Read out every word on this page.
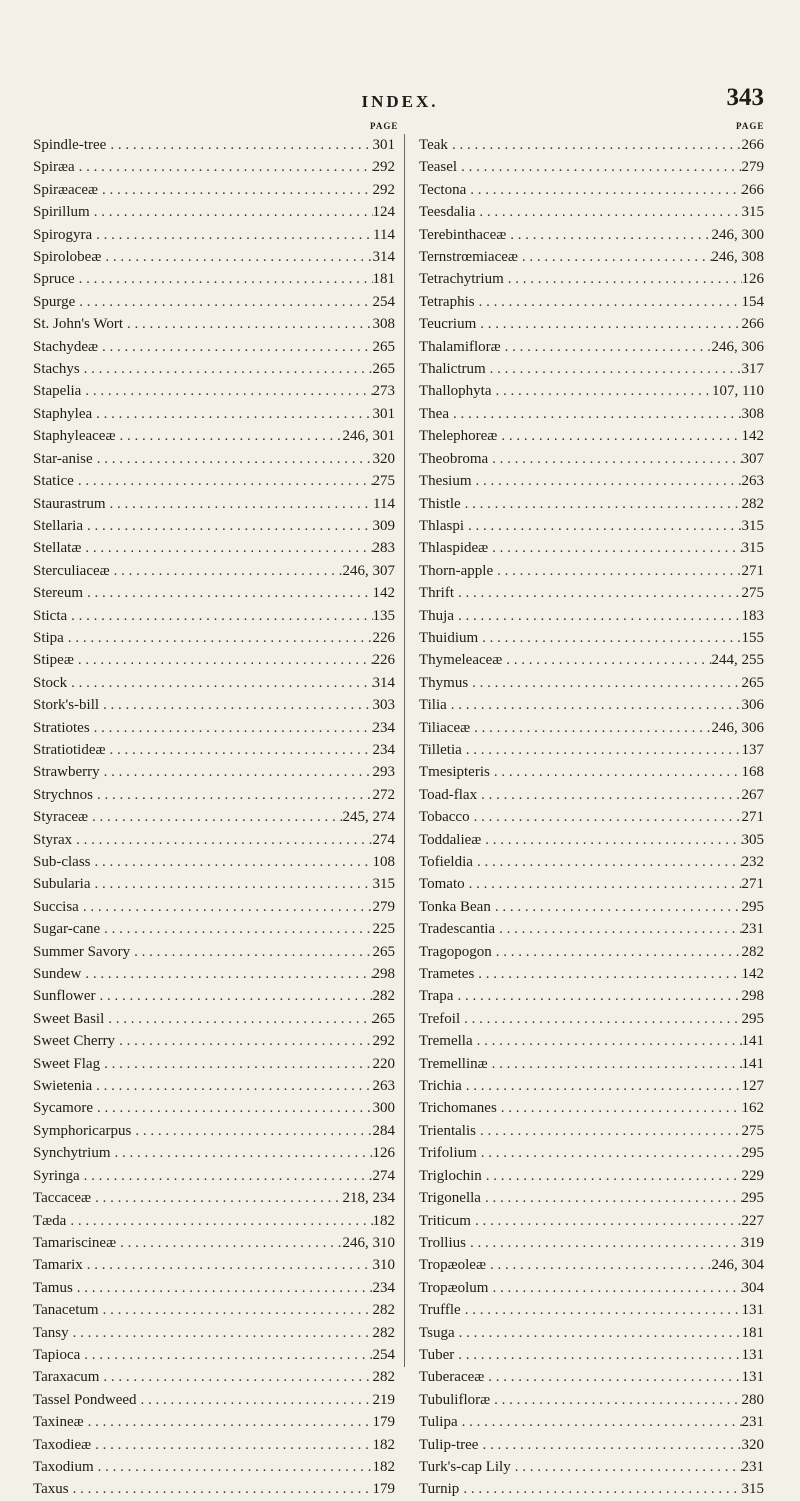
INDEX.	343
PAGE	PAGE
Spindle-tree . . .	301
Spiræa . . .	292
Spiræaceæ . . .	292
Spirillum . . .	124
Spirogyra . . .	114
Spirolobeæ . . .	314
Spruce . . .	181
Spurge . . .	254
St. John's Wort . . .	308
Stachydeæ . . .	265
Stachys . . .	265
Stapelia . . .	273
Staphylea . . .	301
Staphyleaceæ . . .	246, 301
Star-anise . . .	320
Statice . . .	275
Staurastrum . . .	114
Stellaria . . .	309
Stellatæ . . .	283
Sterculiaceæ . . .	246, 307
Stereum . . .	142
Sticta . . .	135
Stipa . . .	226
Stipeæ . . .	226
Stock . . .	314
Stork's-bill . . .	303
Stratiotes . . .	234
Stratiotideæ . . .	234
Strawberry . . .	293
Strychnos . . .	272
Styraceæ . . .	245, 274
Styrax . . .	274
Sub-class . . .	108
Subularia . . .	315
Succisa . . .	279
Sugar-cane . . .	225
Summer Savory . . .	265
Sundew . . .	298
Sunflower . . .	282
Sweet Basil . . .	265
Sweet Cherry . . .	292
Sweet Flag . . .	220
Swietenia . . .	263
Sycamore . . .	300
Symphoricarpus . . .	284
Synchytrium . . .	126
Syringa . . .	274
Taccaceæ . . .	218, 234
Tæda . . .	182
Tamariscineæ . . .	246, 310
Tamarix . . .	310
Tamus . . .	234
Tanacetum . . .	282
Tansy . . .	282
Tapioca . . .	254
Taraxacum . . .	282
Tassel Pondweed . . .	219
Taxineæ . . .	179
Taxodieæ . . .	182
Taxodium . . .	182
Taxus . . .	179
Teak . . .	266
Teasel . . .	279
Tectona . . .	266
Teesdalia . . .	315
Terebinthaceæ . . .	246, 300
Ternstrœmiaceæ . . .	246, 308
Tetrachytrium . . .	126
Tetraphis . . .	154
Teucrium . . .	266
Thalamifloræ . . .	246, 306
Thalictrum . . .	317
Thallophyta . . .	107, 110
Thea . . .	308
Thelephoreæ . . .	142
Theobroma . . .	307
Thesium . . .	263
Thistle . . .	282
Thlaspi . . .	315
Thlaspideæ . . .	315
Thorn-apple . . .	271
Thrift . . .	275
Thuja . . .	183
Thuidium . . .	155
Thymeleaceæ . . .	244, 255
Thymus . . .	265
Tilia . . .	306
Tiliaceæ . . .	246, 306
Tilletia . . .	137
Tmesipteris . . .	168
Toad-flax . . .	267
Tobacco . . .	271
Toddalieæ . . .	305
Tofieldia . . .	232
Tomato . . .	271
Tonka Bean . . .	295
Tradescantia . . .	231
Tragopogon . . .	282
Trametes . . .	142
Trapa . . .	298
Trefoil . . .	295
Tremella . . .	141
Tremellinæ . . .	141
Trichia . . .	127
Trichomanes . . .	162
Trientalis . . .	275
Trifolium . . .	295
Triglochin . . .	229
Trigonella . . .	295
Triticum . . .	227
Trollius . . .	319
Tropæoleæ . . .	246, 304
Tropæolum . . .	304
Truffle . . .	131
Tsuga . . .	181
Tuber . . .	131
Tuberaceæ . . .	131
Tubulifloræ . . .	280
Tulipa . . .	231
Tulip-tree . . .	320
Turk's-cap Lily . . .	231
Turnip . . .	315
